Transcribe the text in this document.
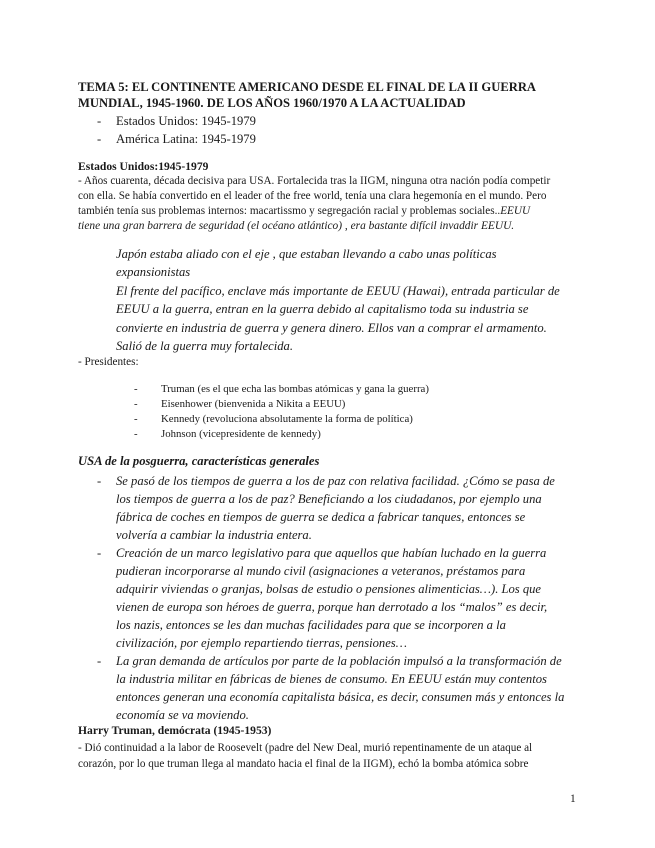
TEMA 5: EL CONTINENTE AMERICANO DESDE EL FINAL DE LA II GUERRA
MUNDIAL, 1945-1960. DE LOS AÑOS 1960/1970 A LA ACTUALIDAD
- Estados Unidos: 1945-1979
- América Latina: 1945-1979
Estados Unidos:1945-1979
- Años cuarenta, década decisiva para USA. Fortalecida tras la IIGM, ninguna otra nación podía competir
con ella. Se había convertido en el leader of the free world, tenía una clara hegemonía en el mundo. Pero
también tenía sus problemas internos: macartissmo y segregación racial y problemas sociales..EEUU
tiene una gran barrera de seguridad (el océano atlántico) , era bastante difícil invaddir EEUU.
Japón estaba aliado con el eje , que estaban llevando a cabo unas políticas
expansionistas
El frente del pacífico, enclave más importante de EEUU (Hawai), entrada particular de
EEUU a la guerra, entran en la guerra debido al capitalismo toda su industria se
convierte en industria de guerra y genera dinero. Ellos van a comprar el armamento.
Salió de la guerra muy fortalecida.
- Presidentes:
- Truman (es el que echa las bombas atómicas y gana la guerra)
- Eisenhower (bienvenida a Nikita a EEUU)
- Kennedy (revoluciona absolutamente la forma de política)
- Johnson (vicepresidente de kennedy)
USA de la posguerra, características generales
- Se pasó de los tiempos de guerra a los de paz con relativa facilidad. ¿Cómo se pasa de
los tiempos de guerra a los de paz? Beneficiando a los ciudadanos, por ejemplo una
fábrica de coches en tiempos de guerra se dedica a fabricar tanques, entonces se
volvería a cambiar la industria entera.
- Creación de un marco legislativo para que aquellos que habían luchado en la guerra
pudieran incorporarse al mundo civil (asignaciones a veteranos, préstamos para
adquirir viviendas o granjas, bolsas de estudio o pensiones alimenticias…). Los que
vienen de europa son héroes de guerra, porque han derrotado a los “malos” es decir,
los nazis, entonces se les dan muchas facilidades para que se incorporen a la
civilización, por ejemplo repartiendo tierras, pensiones…
- La gran demanda de artículos por parte de la población impulsó a la transformación de
la industria militar en fábricas de bienes de consumo. En EEUU están muy contentos
entonces generan una economía capitalista básica, es decir, consumen más y entonces la
economía se va moviendo.
Harry Truman, demócrata (1945-1953)
- Dió continuidad a la labor de Roosevelt (padre del New Deal, murió repentinamente de un ataque al
corazón, por lo que truman llega al mandato hacia el final de la IIGM), echó la bomba atómica sobre
1
